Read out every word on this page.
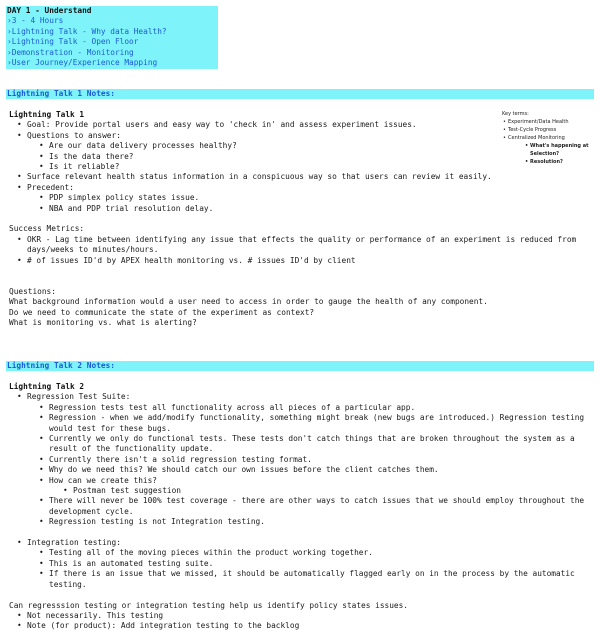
DAY 1 - Understand
›3 - 4 Hours
›Lightning Talk - Why data Health?
›Lightning Talk - Open Floor
›Demonstration - Monitoring
›User Journey/Experience Mapping
Lightning Talk 1 Notes:
Lightning Talk 1
• Goal: Provide portal users and easy way to 'check in' and assess experiment issues.
• Questions to answer:
• Are our data delivery processes healthy?
• Is the data there?
• Is it reliable?
• Surface relevant health status information in a conspicuous way so that users can review it easily.
• Precedent:
• PDP simplex policy states issue.
• NBA and PDP trial resolution delay.
Success Metrics:
• OKR - Lag time between identifying any issue that effects the quality or performance of an experiment is reduced from days/weeks to minutes/hours.
• # of issues ID'd by APEX health monitoring vs. # issues ID'd by client
Questions:
What background information would a user need to access in order to gauge the health of any component.
Do we need to communicate the state of the experiment as context?
What is monitoring vs. what is alerting?
Key terms:
• Experiment/Data Health
• Test-Cycle Progress
• Centralized Monitoring
• What's happening at Selection?
• Resolution?
Lightning Talk 2 Notes:
Lightning Talk 2
• Regression Test Suite:
• Regression tests test all functionality across all pieces of a particular app.
• Regression - when we add/modify functionality, something might break (new bugs are introduced.) Regression testing would test for these bugs.
• Currently we only do functional tests. These tests don't catch things that are broken throughout the system as a result of the functionality update.
• Currently there isn't a solid regression testing format.
• Why do we need this? We should catch our own issues before the client catches them.
• How can we create this?
• Postman test suggestion
• There will never be 100% test coverage - there are other ways to catch issues that we should employ throughout the development cycle.
• Regression testing is not Integration testing.
• Integration testing:
• Testing all of the moving pieces within the product working together.
• This is an automated testing suite.
• If there is an issue that we missed, it should be automatically flagged early on in the process by the automatic testing.
Can regresssion testing or integration testing help us identify policy states issues.
• Not necessarily. This testing
• Note (for product): Add integration testing to the backlog
